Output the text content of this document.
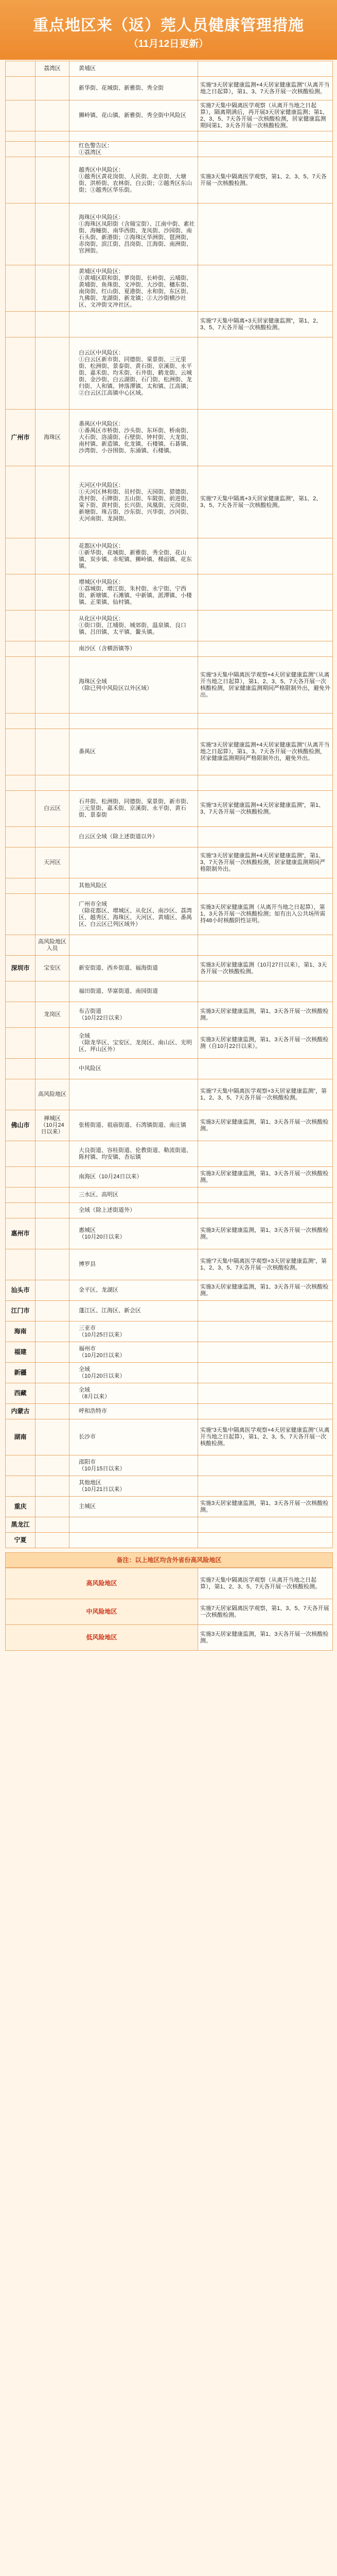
重点地区来（返）莞人员健康管理措施
（11月12日更新）
	荔湾区	黄埔区	
		新华街、花城街、新雅街、秀全街	实施“3天居家健康监测+4天居家健康监测”（从离开当地之日起算），第1、3、7天各开展一次核酸检测。
		狮岭镇、花山镇、新雅街、秀全街中风险区	实施7天集中隔离医学观察（从离开当地之日起算），隔离期满后，再开展3天居家健康监测；第1、2、3、5、7天各开展一次核酸检测，居家健康监测期间第1、3天各开展一次核酸检测。

		红色警告区：
①荔湾区	
		越秀区中风险区：
①越秀区黄花岗街、人民街、北京街、大塘街、洪桥街、农林街、白云街；②越秀区东山街；③越秀区华乐街。	实施3天集中隔离医学观察，第1、2、3、5、7天各开展一次核酸检测。
		海珠区中风险区：
①海珠区凤阳街（含瑞宝街）、江南中街、素社街、海幢街、南华西街、龙凤街、沙园街、南石头街、新港街；②海珠区华洲街、琶洲街、赤岗街、滨江街、昌岗街、江海街、南洲街、官洲街。	
		黄埔区中风险区：
①黄埔区联和街、萝岗街、长岭街、云埔街、黄埔街、鱼珠街、文冲街、大沙街、穗东街、南岗街、红山街、夏港街、永和街、东区街、九佛街、龙湖街、新龙镇；②大沙街横沙社区、文冲街文冲社区。	
			实施“7天集中隔离+3天居家健康监测”，第1、2、3、5、7天各开展一次核酸检测。
		白云区中风险区：
①白云区新市街、同德街、棠景街、三元里街、松洲街、景泰街、黄石街、京溪街、永平街、嘉禾街、均禾街、石井街、鹤龙街、云城街、金沙街、白云湖街、石门街、松洲街、龙归街、人和镇、钟落潭镇、太和镇、江高镇；②白云区江高镇中心区域。	
广州市	海珠区	番禺区中风险区：
①番禺区市桥街、沙头街、东环街、桥南街、大石街、洛浦街、石壁街、钟村街、大龙街、南村镇、新造镇、化龙镇、石楼镇、石碁镇、沙湾街、小谷围街、东涌镇、石楼镇。	
		天河区中风险区：
①天河区林和街、员村街、天园街、猎德街、冼村街、石牌街、五山街、车陂街、前进街、棠下街、黄村街、长兴街、凤凰街、元岗街、新塘街、珠吉街、沙东街、兴华街、沙河街、天河南街、龙洞街。	实施“7天集中隔离+3天居家健康监测”，第1、2、3、5、7天各开展一次核酸检测。
		花都区中风险区：
①新华街、花城街、新雅街、秀全街、花山镇、炭步镇、赤坭镇、狮岭镇、梯面镇、花东镇。	
		增城区中风险区：
①荔城街、增江街、朱村街、永宁街、宁西街、新塘镇、石滩镇、中新镇、派潭镇、小楼镇、正果镇、仙村镇。	
		从化区中风险区：
①街口街、江埔街、城郊街、温泉镇、良口镇、吕田镇、太平镇、鳌头镇。	
		南沙区（含横沥镇等）	
		海珠区全域
（除已列中风险区以外区域）	实施“3天集中隔离医学观察+4天居家健康监测”（从离开当地之日起算），第1、2、3、5、7天各开展一次核酸检测，居家健康监测期间严格限制外出，避免外出。

		番禺区	实施“3天居家健康监测+4天居家健康监测”（从离开当地之日起算），第1、3、7天各开展一次核酸检测，居家健康监测期间严格限制外出，避免外出。

	白云区	石井街、松洲街、同德街、棠景街、新市街、三元里街、嘉禾街、京溪街、永平街、黄石街、景泰街	实施“3天居家健康监测+4天居家健康监测”，第1、3、7天各开展一次核酸检测。
		白云区全域（除上述街道以外）	
	天河区		实施“3天居家健康监测+4天居家健康监测”，第1、3、7天各开展一次核酸检测，居家健康监测期间严格限制外出。
		其他风险区	
		广州市全域
（除花都区、增城区、从化区、南沙区、荔湾区、越秀区、海珠区、天河区、黄埔区、番禺区、白云区已列区域外）	实施3天居家健康监测（从离开当地之日起算），第1、3天各开展一次核酸检测；如有出入公共场所需持48小时核酸阴性证明。
	高风险地区入员		
深圳市	宝安区	新安街道、西乡街道、福海街道	实施3天居家健康监测（10月27日以来），第1、3天各开展一次核酸检测。
		福田街道、华富街道、南园街道	
	龙岗区	布吉街道
（10月22日以来）	实施3天居家健康监测，第1、3天各开展一次核酸检测。
		全域
（除龙华区、宝安区、龙岗区、南山区、光明区、坪山区外）	实施3天居家健康监测，第1、3天各开展一次核酸检测（自10月22日以来）。
		中风险区	
	高风险地区		实施“7天集中隔离医学观察+3天居家健康监测”，第1、2、3、5、7天各开展一次核酸检测。
佛山市	禅城区
（10月24日以来）	张槎街道、祖庙街道、石湾镇街道、南庄镇	实施3天居家健康监测，第1、3天各开展一次核酸检测。
		大良街道、容桂街道、伦教街道、勒流街道、陈村镇、均安镇、杏坛镇	
		南海区（10月24日以来）	实施3天居家健康监测，第1、3天各开展一次核酸检测。
		三水区、高明区	
		全域（除上述街道外）	
惠州市		惠城区
（10月20日以来）	实施3天居家健康监测，第1、3天各开展一次核酸检测。
		博罗县	实施“7天集中隔离医学观察+3天居家健康监测”，第1、2、3、5、7天各开展一次核酸检测。
汕头市		金平区、龙湖区	实施3天居家健康监测，第1、3天各开展一次核酸检测。
江门市		蓬江区、江海区、新会区	
海南		三亚市
（10月25日以来）	
福建		福州市
（10月20日以来）	
新疆		全域
（10月20日以来）	
西藏		全域
（8月以来）	
内蒙古		呼和浩特市	
湖南		长沙市	实施“3天集中隔离医学观察+4天居家健康监测”（从离开当地之日起算），第1、2、3、5、7天各开展一次核酸检测。
		邵阳市
（10月15日以来）	
		其他地区
（10月21日以来）	
重庆		主城区	实施3天居家健康监测，第1、3天各开展一次核酸检测。
黑龙江			
宁夏			
备注：以上地区均含外省份高风险地区
高风险地区	实施7天集中隔离医学观察（从离开当地之日起算），第1、2、3、5、7天各开展一次核酸检测。
中风险地区	实施7天居家隔离医学观察，第1、3、5、7天各开展一次核酸检测。
低风险地区	实施3天居家健康监测，第1、3天各开展一次核酸检测。
